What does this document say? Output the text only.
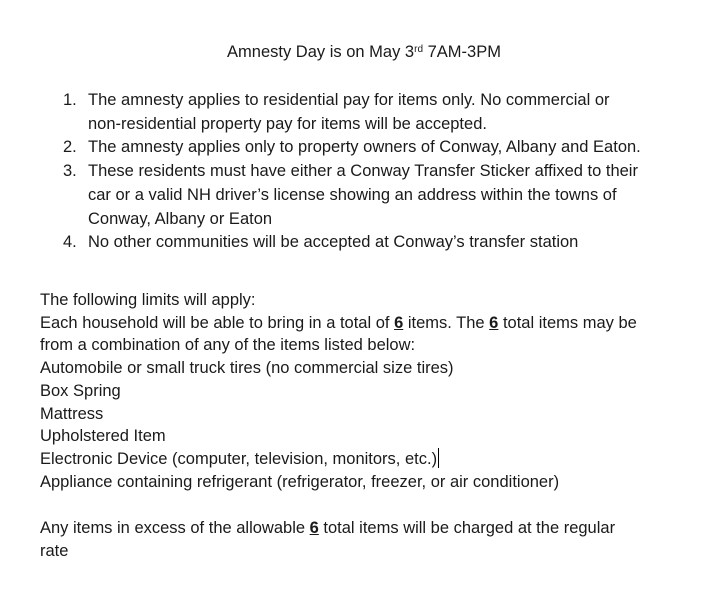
Amnesty Day is on May 3rd 7AM-3PM
1. The amnesty applies to residential pay for items only. No commercial or
non-residential property pay for items will be accepted.
2. The amnesty applies only to property owners of Conway, Albany and Eaton.
3. These residents must have either a Conway Transfer Sticker affixed to their
car or a valid NH driver’s license showing an address within the towns of
Conway, Albany or Eaton
4. No other communities will be accepted at Conway’s transfer station
The following limits will apply:
Each household will be able to bring in a total of 6 items. The 6 total items may be
from a combination of any of the items listed below:
Automobile or small truck tires (no commercial size tires)
Box Spring
Mattress
Upholstered Item
Electronic Device (computer, television, monitors, etc.)
Appliance containing refrigerant (refrigerator, freezer, or air conditioner)
Any items in excess of the allowable 6 total items will be charged at the regular
rate
